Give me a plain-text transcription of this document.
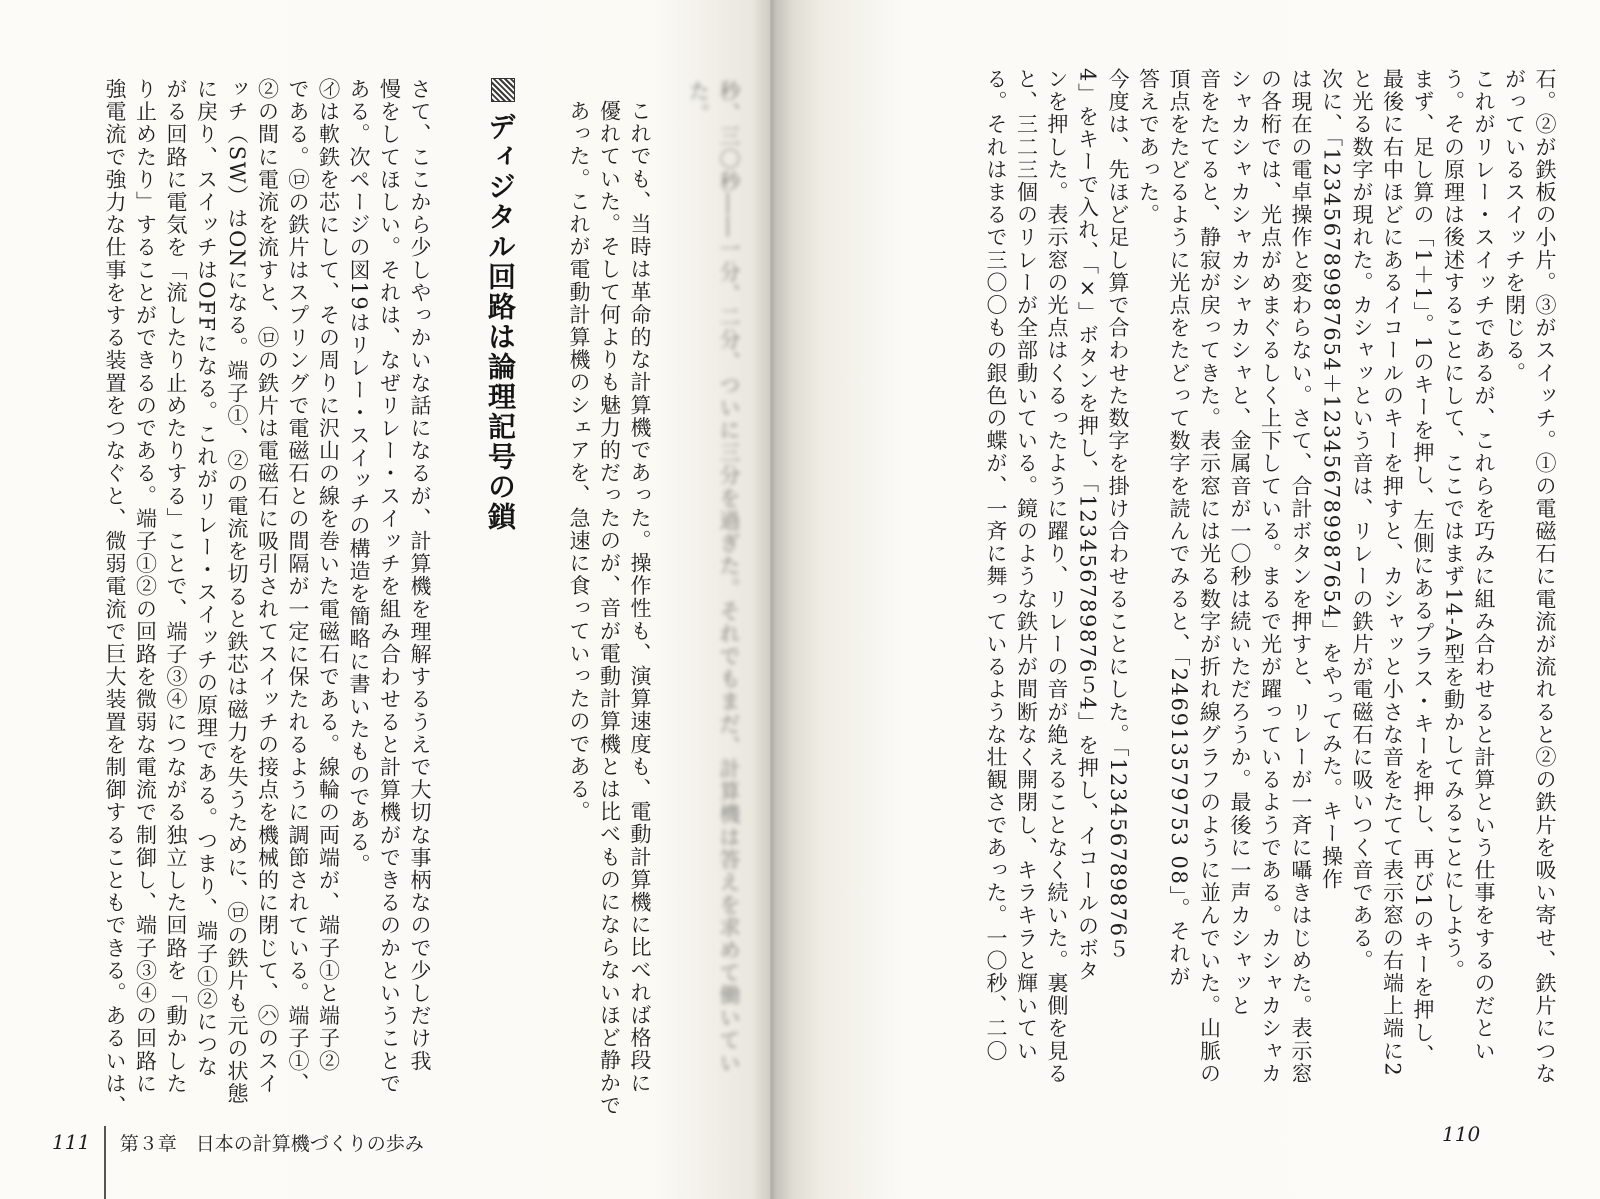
さて、ここから少しやっかいな話になるが、計算機を理解するうえで大切な事柄なので少しだけ我

慢をしてほしい。それは、なぜリレー・スイッチを組み合わせると計算機ができるのかということで

ある。次ページの図19はリレー・スイッチの構造を簡略に書いたものである。

㋑は軟鉄を芯にして、その周りに沢山の線を巻いた電磁石である。線輪の両端が、端子①と端子②

である。㋺の鉄片はスプリングで電磁石との間隔が一定に保たれるように調節されている。端子①、

②の間に電流を流すと、㋺の鉄片は電磁石に吸引されてスイッチの接点を機械的に閉じて、㋩のスイ

ッチ（SW）はONになる。端子①、②の電流を切ると鉄芯は磁力を失うために、㋺の鉄片も元の状態

に戻り、スイッチはOFFになる。これがリレー・スイッチの原理である。つまり、端子①②につな

がる回路に電気を「流したり止めたりする」ことで、端子③④につながる独立した回路を「動かした

り止めたり」することができるのである。端子①②の回路を微弱な電流で制御し、端子③④の回路に

強電流で強力な仕事をする装置をつなぐと、微弱電流で巨大装置を制御することもできる。あるいは、	ディジタル回路は論理記号の鎖	これでも、当時は革命的な計算機であった。操作性も、演算速度も、電動計算機に比べれば格段に

優れていた。そして何よりも魅力的だったのが、音が電動計算機とは比べものにならないほど静かで

あった。これが電動計算機のシェアを、急速に食っていったのである。	秒、三〇秒――一分、二分、ついに三分を過ぎた。それでもまだ、計算機は答えを求めて働いてい

た。

111 第３章　日本の計算機づくりの歩み

石。②が鉄板の小片。③がスイッチ。①の電磁石に電流が流れると②の鉄片を吸い寄せ、鉄片につな

がっているスイッチを閉じる。

これがリレー・スイッチであるが、これらを巧みに組み合わせると計算という仕事をするのだとい

う。その原理は後述することにして、ここではまず14-A型を動かしてみることにしよう。

まず、足し算の「1＋1」。1のキーを押し、左側にあるプラス・キーを押し、再び1のキーを押し、

最後に右中ほどにあるイコールのキーを押すと、カシャッと小さな音をたてて表示窓の右端上端に2

と光る数字が現れた。カシャッという音は、リレーの鉄片が電磁石に吸いつく音である。

次に、「123456789987654＋123456789987654」をやってみた。キー操作

は現在の電卓操作と変わらない。さて、合計ボタンを押すと、リレーが一斉に囁きはじめた。表示窓

の各桁では、光点がめまぐるしく上下している。まるで光が躍っているようである。カシャカシャカ

シャカシャカシャカシャカシャと、金属音が一〇秒は続いただろうか。最後に一声カシャッと

音をたてると、静寂が戻ってきた。表示窓には光る数字が折れ線グラフのように並んでいた。山脈の

頂点をたどるように光点をたどって数字を読んでみると、「246913579753 08」。それが

答えであった。

今度は、先ほど足し算で合わせた数字を掛け合わせることにした。「123456789876５

4」をキーで入れ、「×」ボタンを押し、「123456789876５4」を押し、イコールのボタ

ンを押した。表示窓の光点はくるったように躍り、リレーの音が絶えることなく続いた。裏側を見る

と、三二三個のリレーが全部動いている。鏡のような鉄片が間断なく開閉し、キラキラと輝いてい

る。それはまるで三〇〇もの銀色の蝶が、一斉に舞っているような壮観さであった。一〇秒、二〇

110
